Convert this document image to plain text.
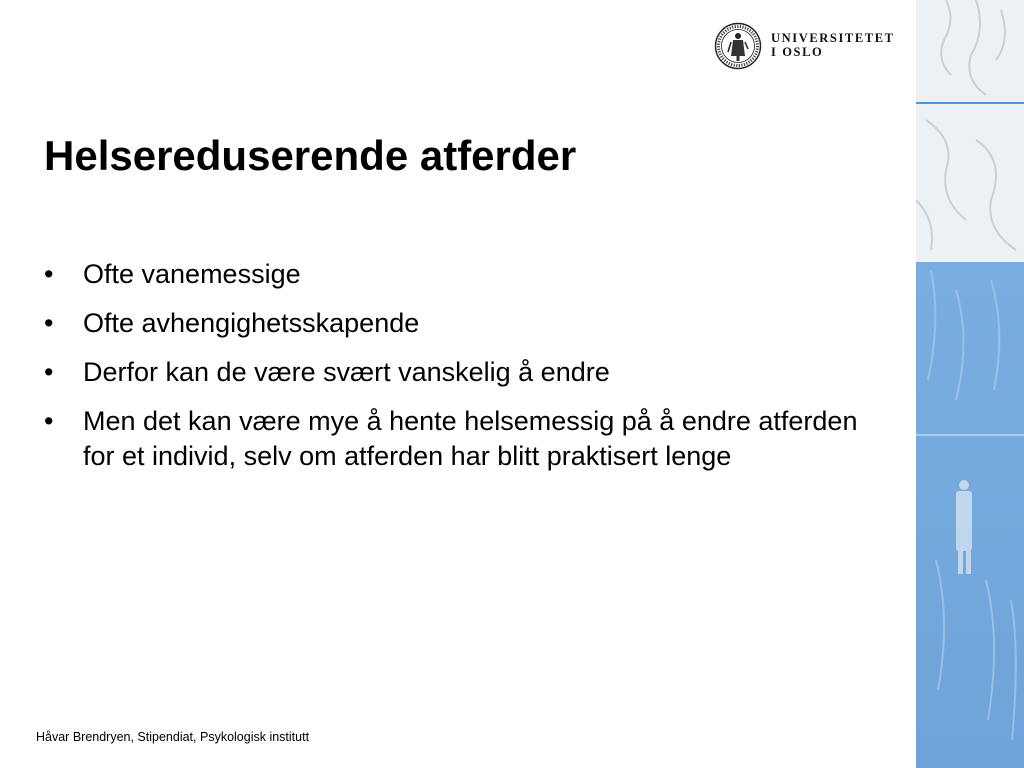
UNIVERSITETET
I OSLO
Helsereduserende atferder
• Ofte vanemessige
• Ofte avhengighetsskapende
• Derfor kan de være svært vanskelig å endre
• Men det kan være mye å hente helsemessig på å endre atferden for et individ, selv om atferden har blitt praktisert lenge
Håvar Brendryen, Stipendiat, Psykologisk institutt
